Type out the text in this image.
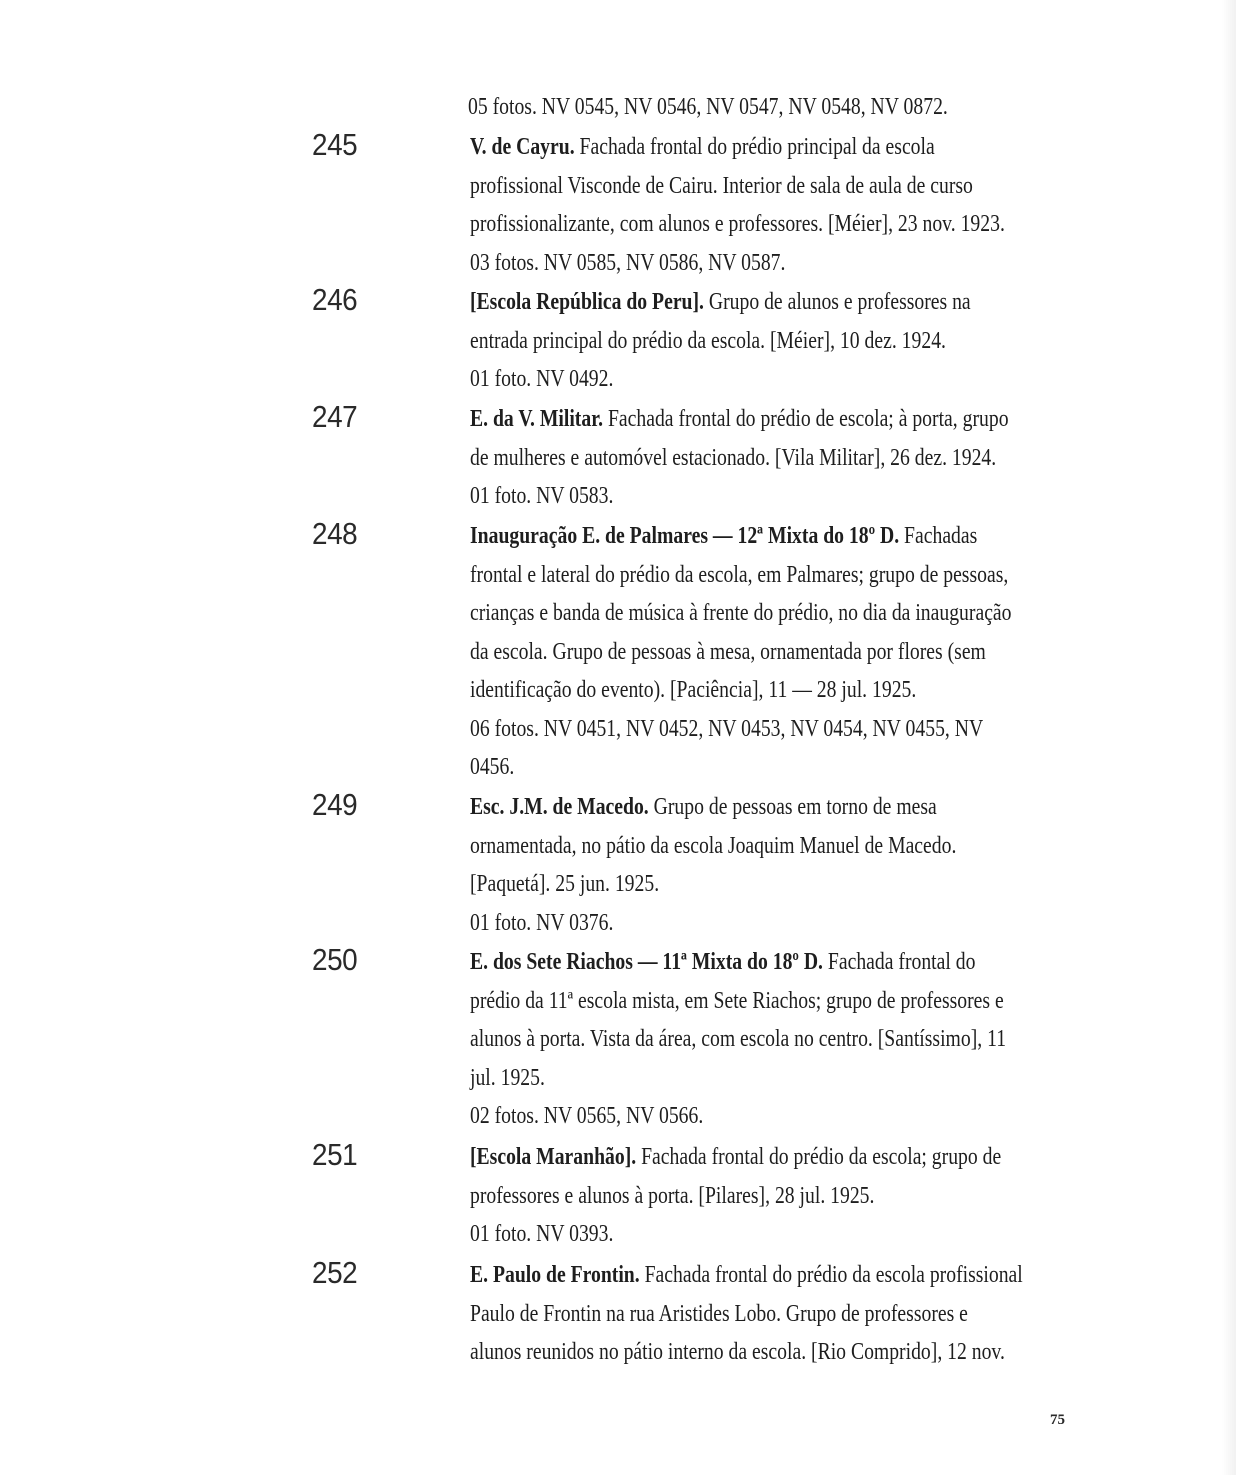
05 fotos. NV 0545, NV 0546, NV 0547, NV 0548, NV 0872.
245	V. de Cayru. Fachada frontal do prédio principal da escola
profissional Visconde de Cairu. Interior de sala de aula de curso
profissionalizante, com alunos e professores. [Méier], 23 nov. 1923.
03 fotos. NV 0585, NV 0586, NV 0587.
246	[Escola República do Peru]. Grupo de alunos e professores na
entrada principal do prédio da escola. [Méier], 10 dez. 1924.
01 foto. NV 0492.
247	E. da V. Militar. Fachada frontal do prédio de escola; à porta, grupo
de mulheres e automóvel estacionado. [Vila Militar], 26 dez. 1924.
01 foto. NV 0583.
248	Inauguração E. de Palmares — 12ª Mixta do 18º D. Fachadas
frontal e lateral do prédio da escola, em Palmares; grupo de pessoas,
crianças e banda de música à frente do prédio, no dia da inauguração
da escola. Grupo de pessoas à mesa, ornamentada por flores (sem
identificação do evento). [Paciência], 11 — 28 jul. 1925.
06 fotos. NV 0451, NV 0452, NV 0453, NV 0454, NV 0455, NV
0456.
249	Esc. J.M. de Macedo. Grupo de pessoas em torno de mesa
ornamentada, no pátio da escola Joaquim Manuel de Macedo.
[Paquetá]. 25 jun. 1925.
01 foto. NV 0376.
250	E. dos Sete Riachos — 11ª Mixta do 18º D. Fachada frontal do
prédio da 11ª escola mista, em Sete Riachos; grupo de professores e
alunos à porta. Vista da área, com escola no centro. [Santíssimo], 11
jul. 1925.
02 fotos. NV 0565, NV 0566.
251	[Escola Maranhão]. Fachada frontal do prédio da escola; grupo de
professores e alunos à porta. [Pilares], 28 jul. 1925.
01 foto. NV 0393.
252	E. Paulo de Frontin. Fachada frontal do prédio da escola profissional
Paulo de Frontin na rua Aristides Lobo. Grupo de professores e
alunos reunidos no pátio interno da escola. [Rio Comprido], 12 nov.
75
